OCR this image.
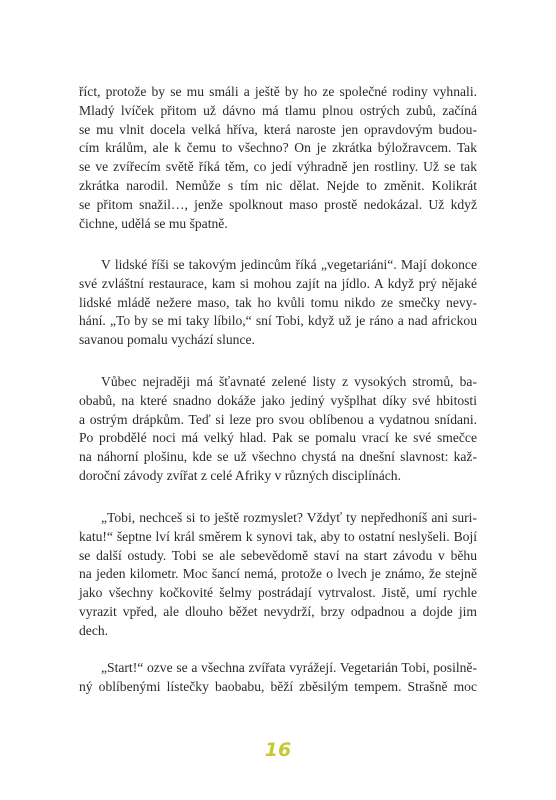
říct, protože by se mu smáli a ještě by ho ze společné rodiny vyhnali.
Mladý lvíček přitom už dávno má tlamu plnou ostrých zubů, začíná
se mu vlnit docela velká hříva, která naroste jen opravdovým budou-
cím králům, ale k čemu to všechno? On je zkrátka býložravcem. Tak
se ve zvířecím světě říká těm, co jedí výhradně jen rostliny. Už se tak
zkrátka narodil. Nemůže s tím nic dělat. Nejde to změnit. Kolikrát
se přitom snažil…, jenže spolknout maso prostě nedokázal. Už když
čichne, udělá se mu špatně.
V lidské říši se takovým jedincům říká „vegetariáni“. Mají dokonce
své zvláštní restaurace, kam si mohou zajít na jídlo. A když prý nějaké
lidské mládě nežere maso, tak ho kvůli tomu nikdo ze smečky nevy-
hání. „To by se mi taky líbilo,“ sní Tobi, když už je ráno a nad africkou
savanou pomalu vychází slunce.
Vůbec nejraději má šťavnaté zelené listy z vysokých stromů, ba-
obabů, na které snadno dokáže jako jediný vyšplhat díky své hbitosti
a ostrým drápkům. Teď si leze pro svou oblíbenou a vydatnou snídani.
Po probdělé noci má velký hlad. Pak se pomalu vrací ke své smečce
na náhorní plošinu, kde se už všechno chystá na dnešní slavnost: kaž-
doroční závody zvířat z celé Afriky v různých disciplínách.
„Tobi, nechceš si to ještě rozmyslet? Vždyť ty nepředhoníš ani suri-
katu!“ šeptne lví král směrem k synovi tak, aby to ostatní neslyšeli. Bojí
se další ostudy. Tobi se ale sebevědomě staví na start závodu v běhu
na jeden kilometr. Moc šancí nemá, protože o lvech je známo, že stejně
jako všechny kočkovité šelmy postrádají vytrvalost. Jistě, umí rychle
vyrazit vpřed, ale dlouho běžet nevydrží, brzy odpadnou a dojde jim
dech.
„Start!“ ozve se a všechna zvířata vyrážejí. Vegetarián Tobi, posilně-
ný oblíbenými lístečky baobabu, běží zběsilým tempem. Strašně moc
16
